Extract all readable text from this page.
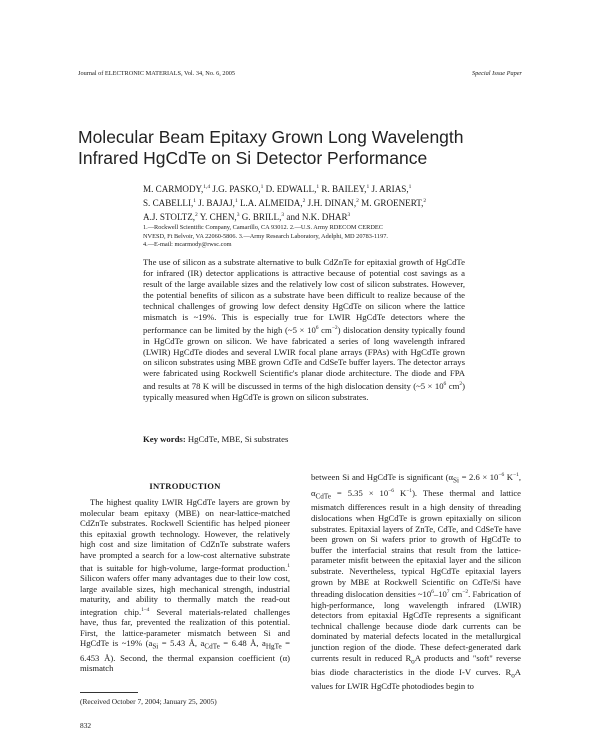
Journal of ELECTRONIC MATERIALS, Vol. 34, No. 6, 2005	Special Issue Paper
Molecular Beam Epitaxy Grown Long Wavelength Infrared HgCdTe on Si Detector Performance
M. CARMODY,$^{1,4}$ J.G. PASKO,$^1$ D. EDWALL,$^1$ R. BAILEY,$^1$ J. ARIAS,$^1$
S. CABELLI,$^1$ J. BAJAJ,$^1$ L.A. ALMEIDA,$^2$ J.H. DINAN,$^2$ M. GROENERT,$^2$
A.J. STOLTZ,$^2$ Y. CHEN,$^3$ G. BRILL,$^3$ and N.K. DHAR$^3$
1.—Rockwell Scientific Company, Camarillo, CA 93012. 2.—U.S. Army RDECOM CERDEC
NVESD, Ft Belvoir, VA 22060-5806. 3.—Army Research Laboratory, Adelphi, MD 20783-1197.
4.—E-mail: mcarmody@rwsc.com
The use of silicon as a substrate alternative to bulk CdZnTe for epitaxial growth of HgCdTe for infrared (IR) detector applications is attractive because of potential cost savings as a result of the large available sizes and the relatively low cost of silicon substrates. However, the potential benefits of silicon as a substrate have been difficult to realize because of the technical challenges of growing low defect density HgCdTe on silicon where the lattice mismatch is ~19%. This is especially true for LWIR HgCdTe detectors where the performance can be limited by the high (~5 × $10^6$ $cm^{-2}$) dislocation density typically found in HgCdTe grown on silicon. We have fabricated a series of long wavelength infrared (LWIR) HgCdTe diodes and several LWIR focal plane arrays (FPAs) with HgCdTe grown on silicon substrates using MBE grown CdTe and CdSeTe buffer layers. The detector arrays were fabricated using Rockwell Scientific's planar diode architecture. The diode and FPA and results at 78 K will be discussed in terms of the high dislocation density (~5 × $10^6$ $cm^2$) typically measured when HgCdTe is grown on silicon substrates.
Key words: HgCdTe, MBE, Si substrates
INTRODUCTION

The highest quality LWIR HgCdTe layers are grown by molecular beam epitaxy (MBE) on near-lattice-matched CdZnTe substrates. Rockwell Scientific has helped pioneer this epitaxial growth technology. However, the relatively high cost and size limitation of CdZnTe substrate wafers have prompted a search for a low-cost alternative substrate that is suitable for high-volume, large-format production.$^1$ Silicon wafers offer many advantages due to their low cost, large available sizes, high mechanical strength, industrial maturity, and ability to thermally match the read-out integration chip.$^{1-4}$ Several materials-related challenges have, thus far, prevented the realization of this potential. First, the lattice-parameter mismatch between Si and HgCdTe is ~19% ($a_{Si} = 5.43$ Å, $a_{CdTe} = 6.48$ Å, $a_{HgTe} = 6.453$ Å). Second, the thermal expansion coefficient (α) mismatch

between Si and HgCdTe is significant ($\alpha_{Si} = 2.6 \times 10^{-6}$ $K^{-1}$, $\alpha_{CdTe} = 5.35 \times 10^{-6}$ $K^{-1}$). These thermal and lattice mismatch differences result in a high density of threading dislocations when HgCdTe is grown epitaxially on silicon substrates. Epitaxial layers of ZnTe, CdTe, and CdSeTe have been grown on Si wafers prior to growth of HgCdTe to buffer the interfacial strains that result from the lattice-parameter misfit between the epitaxial layer and the silicon substrate. Nevertheless, typical HgCdTe epitaxial layers grown by MBE at Rockwell Scientific on CdTe/Si have threading dislocation densities $\sim 10^6-10^7$ $cm^{-2}$. Fabrication of high-performance, long wavelength infrared (LWIR) detectors from epitaxial HgCdTe represents a significant technical challenge because diode dark currents can be dominated by material defects located in the metallurgical junction region of the diode. These defect-generated dark currents result in reduced $R_oA$ products and "soft" reverse bias diode characteristics in the diode I-V curves. $R_oA$ values for LWIR HgCdTe photodiodes begin to

(Received October 7, 2004; January 25, 2005)
832
